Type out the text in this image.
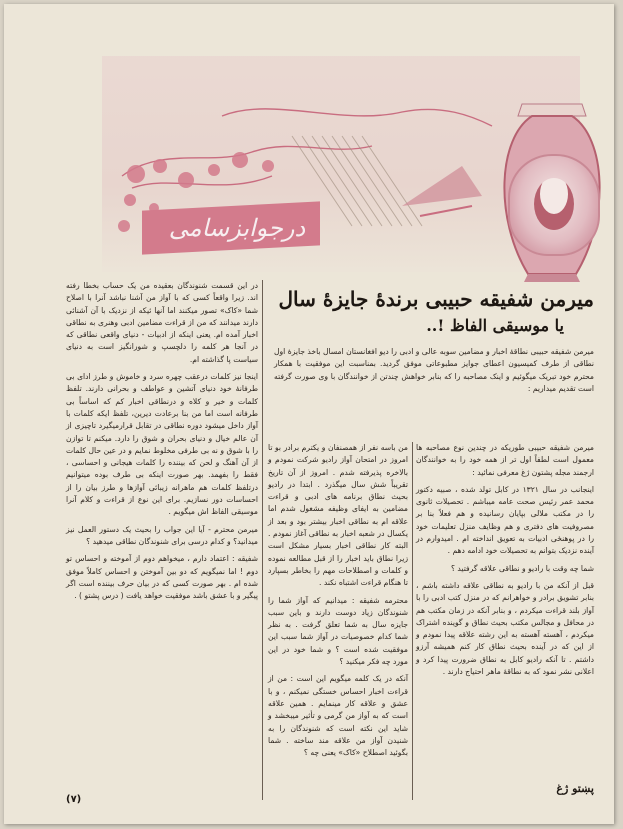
درجوابزسامی
میرمن شفیقه حبیبی برندۀ جایزۀ سال
یا موسیقی الفاظ !..
میرمن شفیقه حبیبی نطاقۀ اخبار و مضامین سوبه عالی و ادبی را دیو افغانستان امسال باخذ جایزۀ اول نطاقی از طرف کمیسیون اعطای جوایز مطبوعاتی موفق گردید. بمناسبت این موفقیت با همکار محترم خود تبریک میگوئیم و اینک مصاحبه را که بنابر خواهش چندتن از خوانندگان با وی صورت گرفته است تقدیم میداریم :

در این قسمت شنوندگان بعقیده من یک حساب بخطا رفته اند. زیرا واقعاً کسی که با آواز من آشنا نباشد آنرا با اصلاح شما «کاک» تصور میکنند اما آنها ئیکه از نزدیک با آن آشنائی دارند میدانند که من از قراءت مضامین ادبی وهنری به نطاقی اخبار آمده ام. یعنی اینکه از ادبیات - دنیای واقعی نطاقی که در آنجا هر کلمه را دلچسپ و شورانگیز است به دنیای سیاست پا گذاشته ام.

اینجا نیز کلمات درعقب چهره سرد و خاموش و طرز ادای بی طرفانۀ خود دنیای آتشین و عواطف و بحرانی دارند. تلفظ کلمات و خیر و کلاه و درنطاقی اخبار کم که اساساً بی طرفانه است اما من بنا برعادت دیرین، تلفظ ایکه کلمات با آواز داخل میشود دوره نطاقی در تقابل قرارمیگیرد تاچیزی از آن عالم خیال و دنیای بحران و شوق را دارد. میکنم تا توازن را با شوق و نه بی طرفی مخلوط نمایم و در عین حال کلمات از آن آهنگ و لحن که بیننده را کلمات هیجانی و احساسی ، فقط را بفهمد. بهر صورت اینکه بی طرف بوده میتوانیم درتلفظ کلمات هم ماهرانه زیبائی آوازها و طرز بیان را از احساسات دور نسازیم. برای این نوع از قراءت و کلام آنرا موسیقی الفاظ اش میگویم .

میرمن محترم - آیا این جواب را بحیث یک دستور العمل نیز میدانید؟ و کدام درسی برای شنوندگان نطاقی میدهید ؟

شفیقه : اعتماد دارم ، میخواهم دوم از آموخته و احساس تو دوم ! اما نمیگویم که دو بین آموختن و احساس کاملاً موفق شده ام . بهر صورت کسی که در بیان حرف بیننده است اگر پیگیر و با عشق باشد موفقیت خواهد یافت ( درس پشتو ) .

من باسه نفر از همصنفان و یکترم برادر بو تا امروز در امتحان آواز رادیو شرکت نمودم و بالاخره پذیرفته شدم . امروز از آن تاریخ تقریباً شش سال میگذرد . ابتدا در رادیو بحیث نطاق برنامه های ادبی و قراءت مضامین به ایفای وظیفه مشغول شدم اما علاقه ام به نطاقی اخبار بیشتر بود و بعد از یکسال در شعبه اخبار به نطاقی آغاز نمودم . البته کار نطاقی اخبار بسیار مشکل است زیرا نطاق باید اخبار را از قبل مطالعه نموده و کلمات و اصطلاحات مهم را بخاطر بسپارد تا هنگام قراءت اشتباه نکند .

محترمه شفیقه : میدانیم که آواز شما را شنوندگان زیاد دوست دارند و باین سبب جایزه سال به شما تعلق گرفت . به نظر شما کدام خصوصیات در آواز شما سبب این موفقیت شده است ؟ و شما خود در این مورد چه فکر میکنید ؟

آنکه در یک کلمه میگویم این است : من از قراءت اخبار احساس خستگی نمیکنم ، و با عشق و علاقه کار مینمایم . همین علاقه است که به آواز من گرمی و تأثیر میبخشد و شاید این نکته است که شنوندگان را به شنیدن آواز من علاقه مند ساخته . شما بگوئید اصطلاح «کاک» یعنی چه ؟

میرمن شفیقه حبیبی طوریکه در چندین نوع مصاحبه ها معمول است لطفاً اول تر از همه خود را به خوانندگان ارجمند مجله پشتون ژغ معرفی نمائید :

اینجانب در سال ۱۳۲۱ در کابل تولد شده ، صبیه دکتور محمد عمر رئیس صحت عامه میباشم . تحصیلات ثانوی را در مکتب ملالی بپایان رسانیده و هم فعلاً بنا بر مصروفیت های دفتری و هم وظایف منزل تعلیمات خود را در پوهنځی ادبیات به تعویق انداخته ام . امیدوارم در آینده نزدیک بتوانم به تحصیلات خود ادامه دهم .

شما چه وقت با رادیو و نطاقی علاقه گرفتید ؟

قبل از آنکه من با رادیو به نطاقی علاقه داشته باشم ، بنابر تشویق برادر و خواهرانم که در منزل کتب ادبی را با آواز بلند قراءت میکردم ، و بنابر آنکه در زمان مکتب هم در محافل و مجالس مکتب بحیث نطاق و گوینده اشتراک میکردم ، آهسته آهسته به این رشته علاقه پیدا نمودم و از این که در آینده بحیث نطاق کار کنم همیشه آرزو داشتم . تا آنکه رادیو کابل به نطاق ضرورت پیدا کرد و اعلانی نشر نمود که به نطاقۀ ماهر احتیاج دارند .

پښتو ژغ
(۷)
